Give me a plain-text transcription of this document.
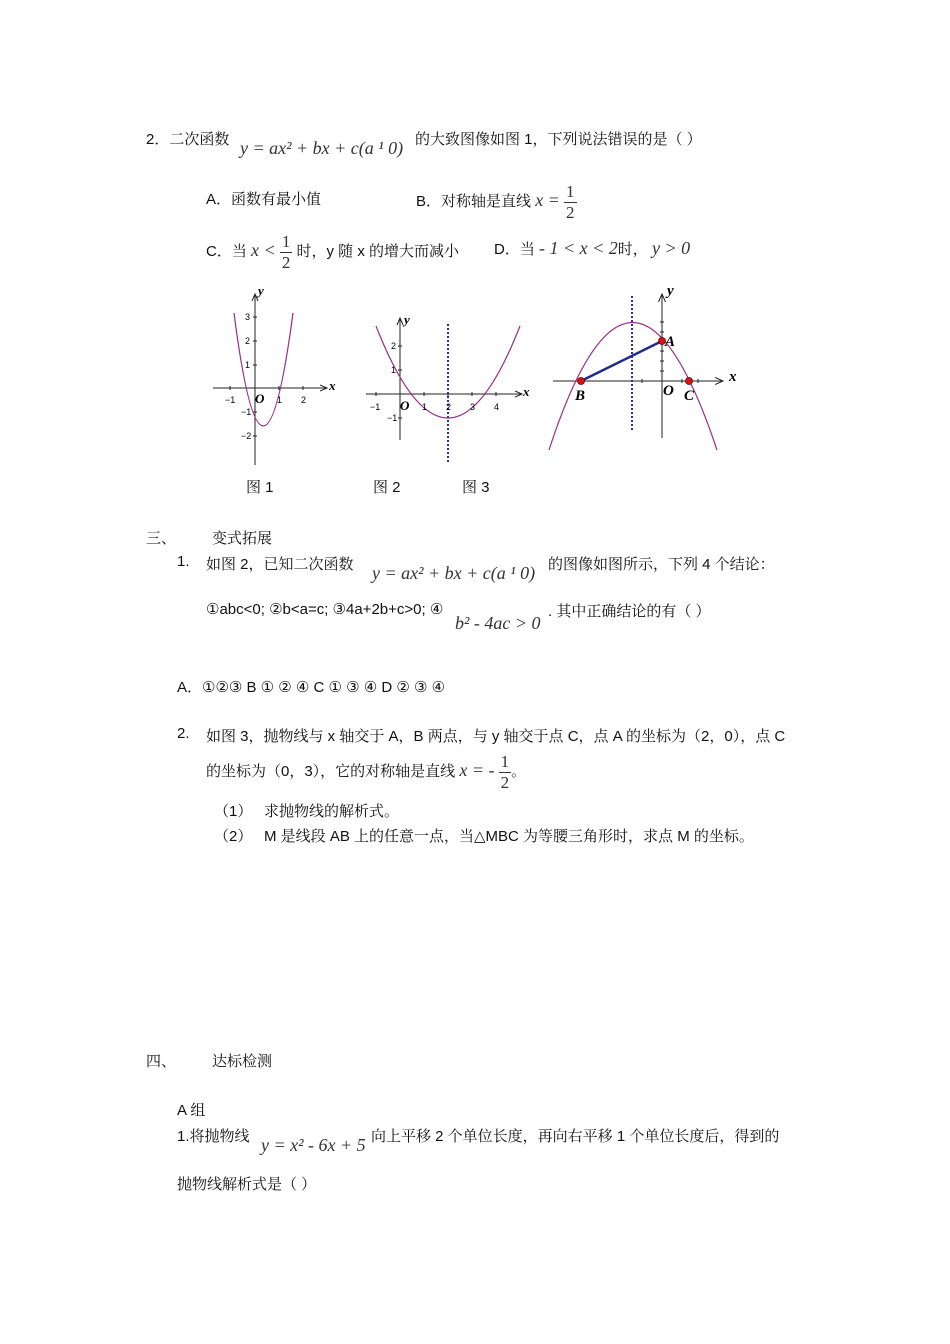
2．二次函数 y = ax² + bx + c(a ¹ 0) 的大致图像如图 1，下列说法错误的是（ ）
A．函数有最小值	B．对称轴是直线 $x = \frac{1}{2}$
C．当 $x < \frac{1}{2}$ 时，y 随 x 的增大而减小 D．当 - 1 < x < 2时， y > 0
y
x
O
−1	1 2
3
2
1
−1
−2
y
x
O
−1	1 2 3 4
2
1
−1
y
x
A
B	O C
图 1	图 2	图 3
三、 变式拓展
1. 如图 2，已知二次函数 y = ax² + bx + c(a ¹ 0) 的图像如图所示，下列 4 个结论：
①abc<0; ②b<a=c; ③4a+2b+c>0; ④
b² - 4ac > 0
. 其中正确结论的有（ ）
A．①②③ B ① ② ④ C ① ③ ④ D ② ③ ④
2. 如图 3，抛物线与 x 轴交于 A，B 两点，与 y 轴交于点 C，点 A 的坐标为（2，0），点 C
的坐标为（0，3），它的对称轴是直线 x = - $\frac{1}{2}$ 。
（1） 求抛物线的解析式。
（2） M 是线段 AB 上的任意一点，当△MBC 为等腰三角形时，求点 M 的坐标。
四、 达标检测
A 组
1.将抛物线 y = x² - 6x + 5 向上平移 2 个单位长度，再向右平移 1 个单位长度后，得到的
抛物线解析式是（ ）
